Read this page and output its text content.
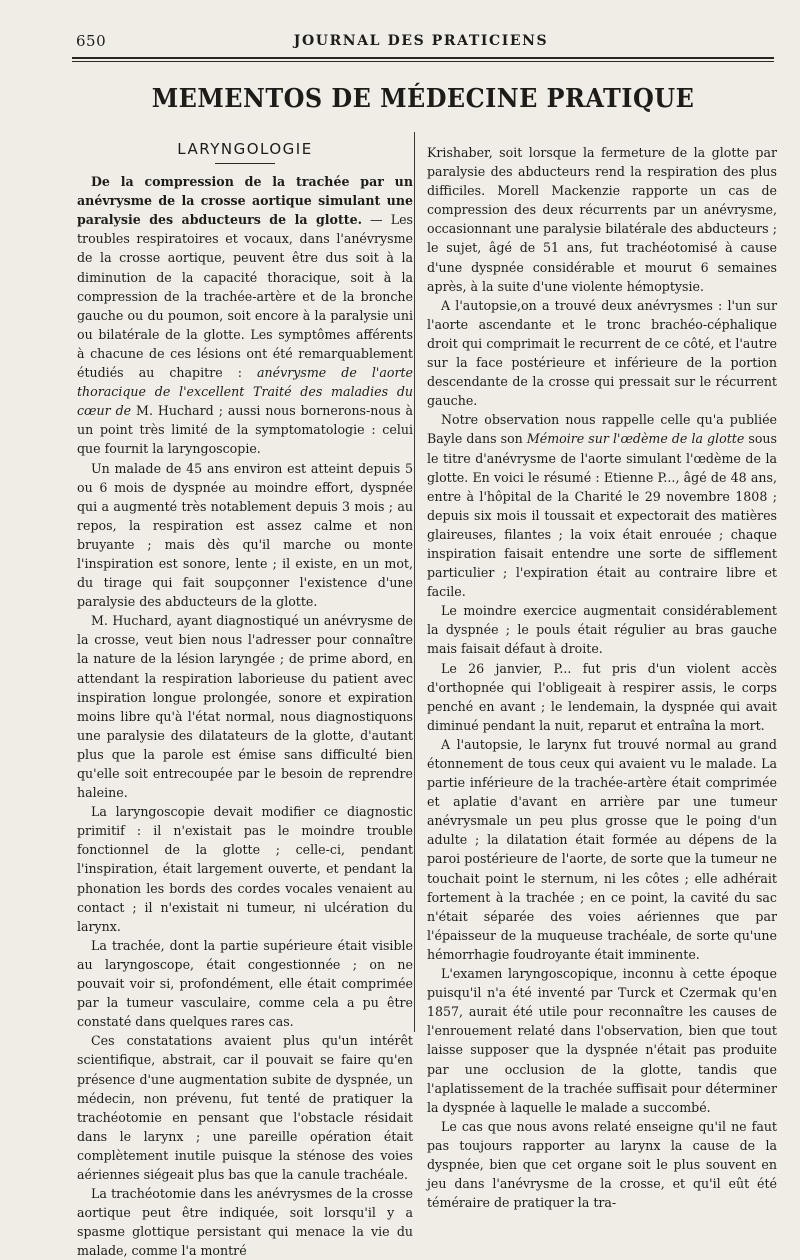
650	JOURNAL DES PRATICIENS
MEMENTOS DE MÉDECINE PRATIQUE
LARYNGOLOGIE

De la compression de la trachée par un anévrysme de la crosse aortique simulant une paralysie des abducteurs de la glotte. — Les troubles respiratoires et vocaux, dans l'anévrysme de la crosse aortique, peuvent être dus soit à la diminution de la capacité thoracique, soit à la compression de la trachée-artère et de la bronche gauche ou du poumon, soit encore à la paralysie uni ou bilatérale de la glotte. Les symptômes afférents à chacune de ces lésions ont été remarquablement étudiés au chapitre : anévrysme de l'aorte thoracique de l'excellent Traité des maladies du cœur de M. Huchard ; aussi nous bornerons-nous à un point très limité de la symptomatologie : celui que fournit la laryngoscopie.

Un malade de 45 ans environ est atteint depuis 5 ou 6 mois de dyspnée au moindre effort, dyspnée qui a augmenté très notablement depuis 3 mois ; au repos, la respiration est assez calme et non bruyante ; mais dès qu'il marche ou monte l'inspiration est sonore, lente ; il existe, en un mot, du tirage qui fait soupçonner l'existence d'une paralysie des abducteurs de la glotte.

M. Huchard, ayant diagnostiqué un anévrysme de la crosse, veut bien nous l'adresser pour connaître la nature de la lésion laryngée ; de prime abord, en attendant la respiration laborieuse du patient avec inspiration longue prolongée, sonore et expiration moins libre qu'à l'état normal, nous diagnostiquons une paralysie des dilatateurs de la glotte, d'autant plus que la parole est émise sans difficulté bien qu'elle soit entrecoupée par le besoin de reprendre haleine.

La laryngoscopie devait modifier ce diagnostic primitif : il n'existait pas le moindre trouble fonctionnel de la glotte ; celle-ci, pendant l'inspiration, était largement ouverte, et pendant la phonation les bords des cordes vocales venaient au contact ; il n'existait ni tumeur, ni ulcération du larynx.

La trachée, dont la partie supérieure était visible au laryngoscope, était congestionnée ; on ne pouvait voir si, profondément, elle était comprimée par la tumeur vasculaire, comme cela a pu être constaté dans quelques rares cas.

Ces constatations avaient plus qu'un intérêt scientifique, abstrait, car il pouvait se faire qu'en présence d'une augmentation subite de dyspnée, un médecin, non prévenu, fut tenté de pratiquer la trachéotomie en pensant que l'obstacle résidait dans le larynx ; une pareille opération était complètement inutile puisque la sténose des voies aériennes siégeait plus bas que la canule trachéale.

La trachéotomie dans les anévrysmes de la crosse aortique peut être indiquée, soit lorsqu'il y a spasme glottique persistant qui menace la vie du malade, comme l'a montré

Krishaber, soit lorsque la fermeture de la glotte par paralysie des abducteurs rend la respiration des plus difficiles. Morell Mackenzie rapporte un cas de compression des deux récurrents par un anévrysme, occasionnant une paralysie bilatérale des abducteurs ; le sujet, âgé de 51 ans, fut trachéotomisé à cause d'une dyspnée considérable et mourut 6 semaines après, à la suite d'une violente hémoptysie.

A l'autopsie,on a trouvé deux anévrysmes : l'un sur l'aorte ascendante et le tronc brachéo-céphalique droit qui comprimait le recurrent de ce côté, et l'autre sur la face postérieure et inférieure de la portion descendante de la crosse qui pressait sur le récurrent gauche.

Notre observation nous rappelle celle qu'a publiée Bayle dans son Mémoire sur l'œdème de la glotte sous le titre d'anévrysme de l'aorte simulant l'œdème de la glotte. En voici le résumé : Etienne P..., âgé de 48 ans, entre à l'hôpital de la Charité le 29 novembre 1808 ; depuis six mois il toussait et expectorait des matières glaireuses, filantes ; la voix était enrouée ; chaque inspiration faisait entendre une sorte de sifflement particulier ; l'expiration était au contraire libre et facile.

Le moindre exercice augmentait considérablement la dyspnée ; le pouls était régulier au bras gauche mais faisait défaut à droite.

Le 26 janvier, P... fut pris d'un violent accès d'orthopnée qui l'obligeait à respirer assis, le corps penché en avant ; le lendemain, la dyspnée qui avait diminué pendant la nuit, reparut et entraîna la mort.

A l'autopsie, le larynx fut trouvé normal au grand étonnement de tous ceux qui avaient vu le malade. La partie inférieure de la trachée-artère était comprimée et aplatie d'avant en arrière par une tumeur anévrysmale un peu plus grosse que le poing d'un adulte ; la dilatation était formée au dépens de la paroi postérieure de l'aorte, de sorte que la tumeur ne touchait point le sternum, ni les côtes ; elle adhérait fortement à la trachée ; en ce point, la cavité du sac n'était séparée des voies aériennes que par l'épaisseur de la muqueuse trachéale, de sorte qu'une hémorrhagie foudroyante était imminente.

L'examen laryngoscopique, inconnu à cette époque puisqu'il n'a été inventé par Turck et Czermak qu'en 1857, aurait été utile pour reconnaître les causes de l'enrouement relaté dans l'observation, bien que tout laisse supposer que la dyspnée n'était pas produite par une occlusion de la glotte, tandis que l'aplatissement de la trachée suffisait pour déterminer la dyspnée à laquelle le malade a succombé.

Le cas que nous avons relaté enseigne qu'il ne faut pas toujours rapporter au larynx la cause de la dyspnée, bien que cet organe soit le plus souvent en jeu dans l'anévrysme de la crosse, et qu'il eût été téméraire de pratiquer la tra-
